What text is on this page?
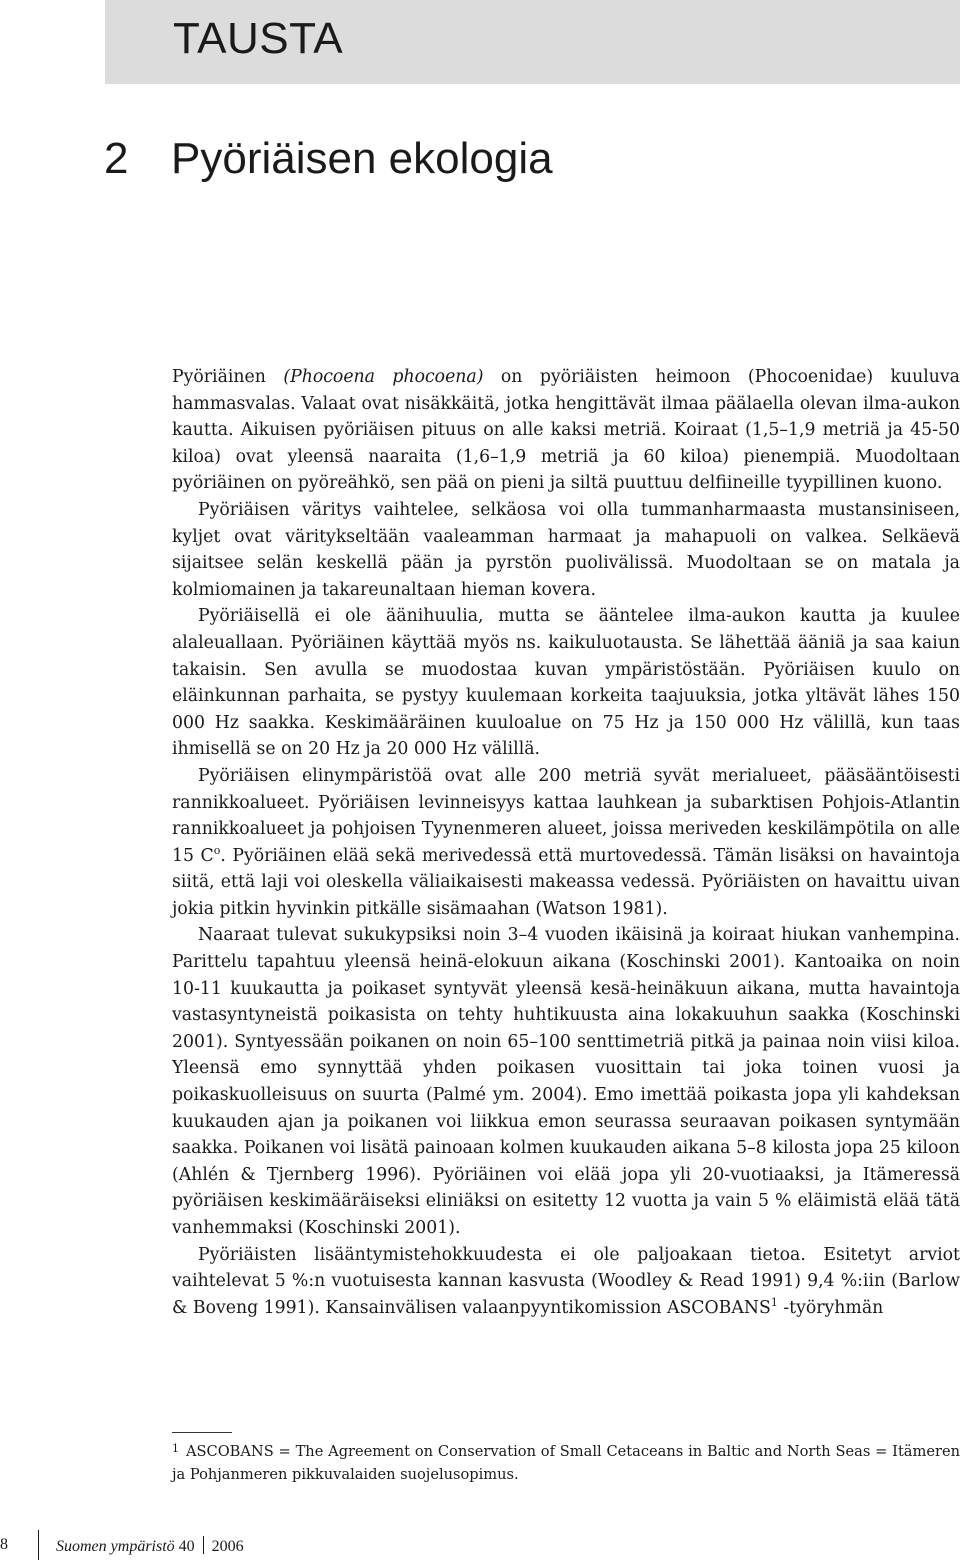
TAUSTA
2 Pyöriäisen ekologia

Pyöriäinen (Phocoena phocoena) on pyöriäisten heimoon (Phocoenidae) kuuluva hammasvalas. Valaat ovat nisäkkäitä, jotka hengittävät ilmaa päälaella olevan ilma-aukon kautta. Aikuisen pyöriäisen pituus on alle kaksi metriä. Koiraat (1,5–1,9 metriä ja 45-50 kiloa) ovat yleensä naaraita (1,6–1,9 metriä ja 60 kiloa) pienempiä. Muodoltaan pyöriäinen on pyöreähkö, sen pää on pieni ja siltä puuttuu delfiineille tyypillinen kuono.

Pyöriäisen väritys vaihtelee, selkäosa voi olla tummanharmaasta mustansiniseen, kyljet ovat väritykseltään vaaleamman harmaat ja mahapuoli on valkea. Selkäevä sijaitsee selän keskellä pään ja pyrstön puolivälissä. Muodoltaan se on matala ja kolmiomainen ja takareunaltaan hieman kovera.

Pyöriäisellä ei ole äänihuulia, mutta se ääntelee ilma-aukon kautta ja kuulee alaleuallaan. Pyöriäinen käyttää myös ns. kaikuluotausta. Se lähettää ääniä ja saa kaiun takaisin. Sen avulla se muodostaa kuvan ympäristöstään. Pyöriäisen kuulo on eläinkunnan parhaita, se pystyy kuulemaan korkeita taajuuksia, jotka yltävät lähes 150 000 Hz saakka. Keskimääräinen kuuloalue on 75 Hz ja 150 000 Hz välillä, kun taas ihmisellä se on 20 Hz ja 20 000 Hz välillä.

Pyöriäisen elinympäristöä ovat alle 200 metriä syvät merialueet, pääsääntöisesti rannikkoalueet. Pyöriäisen levinneisyys kattaa lauhkean ja subarktisen Pohjois-Atlantin rannikkoalueet ja pohjoisen Tyynenmeren alueet, joissa meriveden keskilämpötila on alle 15 $C^o$. Pyöriäinen elää sekä merivedessä että murtovedessä. Tämän lisäksi on havaintoja siitä, että laji voi oleskella väliaikaisesti makeassa vedessä. Pyöriäisten on havaittu uivan jokia pitkin hyvinkin pitkälle sisämaahan (Watson 1981).

Naaraat tulevat sukukypsiksi noin 3–4 vuoden ikäisinä ja koiraat hiukan vanhempina. Parittelu tapahtuu yleensä heinä-elokuun aikana (Koschinski 2001). Kantoaika on noin 10-11 kuukautta ja poikaset syntyvät yleensä kesä-heinäkuun aikana, mutta havaintoja vastasyntyneistä poikasista on tehty huhtikuusta aina lokakuuhun saakka (Koschinski 2001). Syntyessään poikanen on noin 65–100 senttimetriä pitkä ja painaa noin viisi kiloa. Yleensä emo synnyttää yhden poikasen vuosittain tai joka toinen vuosi ja poikaskuolleisuus on suurta (Palmé ym. 2004). Emo imettää poikasta jopa yli kahdeksan kuukauden ajan ja poikanen voi liikkua emon seurassa seuraavan poikasen syntymään saakka. Poikanen voi lisätä painoaan kolmen kuukauden aikana 5–8 kilosta jopa 25 kiloon (Ahlén & Tjernberg 1996). Pyöriäinen voi elää jopa yli 20-vuotiaaksi, ja Itämeressä pyöriäisen keskimääräiseksi eliniäksi on esitetty 12 vuotta ja vain 5 % eläimistä elää tätä vanhemmaksi (Koschinski 2001).

Pyöriäisten lisääntymistehokkuudesta ei ole paljoakaan tietoa. Esitetyt arviot vaihtelevat 5 %:n vuotuisesta kannan kasvusta (Woodley & Read 1991) 9,4 %:iin (Barlow & Boveng 1991). Kansainvälisen valaanpyyntikomission ASCOBANS$^1$ -työryhmän

1 ASCOBANS = The Agreement on Conservation of Small Cetaceans in Baltic and North Seas = Itämeren ja Pohjanmeren pikkuvalaiden suojelusopimus.
8	Suomen ympäristö 40 2006
